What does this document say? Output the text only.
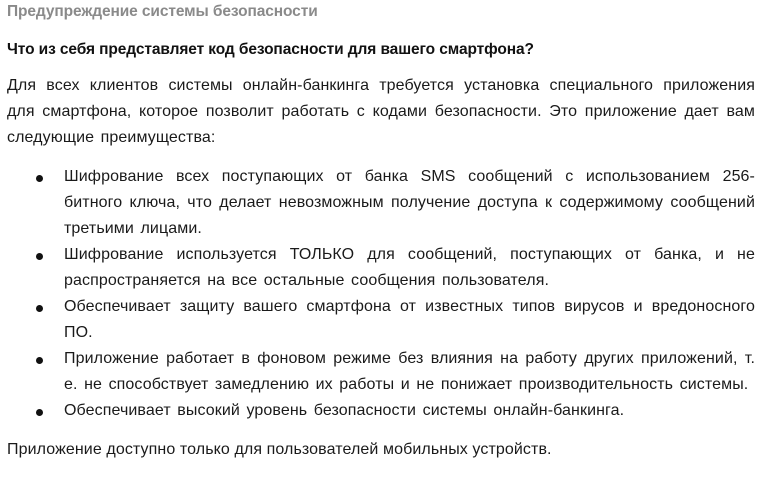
Предупреждение системы безопасности
Что из себя представляет код безопасности для вашего смартфона?

Для всех клиентов системы онлайн-банкинга требуется установка специального приложения для смартфона, которое позволит работать с кодами безопасности. Это приложение дает вам следующие преимущества:

Шифрование всех поступающих от банка SMS сообщений с использованием 256-битного ключа, что делает невозможным получение доступа к содержимому сообщений третьими лицами.
Шифрование используется ТОЛЬКО для сообщений, поступающих от банка, и не распространяется на все остальные сообщения пользователя.
Обеспечивает защиту вашего смартфона от известных типов вирусов и вредоносного ПО.
Приложение работает в фоновом режиме без влияния на работу других приложений, т. е. не способствует замедлению их работы и не понижает производительность системы.
Обеспечивает высокий уровень безопасности системы онлайн-банкинга.

Приложение доступно только для пользователей мобильных устройств.
